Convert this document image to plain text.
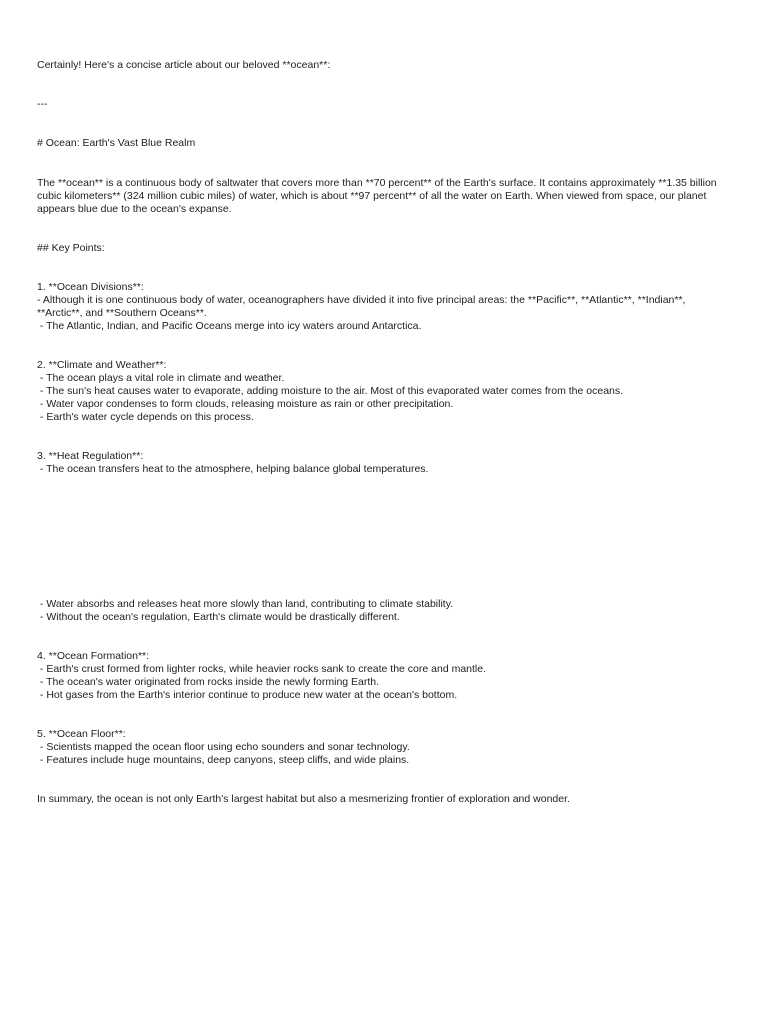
Certainly! Here's a concise article about our beloved **ocean**:
---
# Ocean: Earth's Vast Blue Realm
The **ocean** is a continuous body of saltwater that covers more than **70 percent** of the Earth's surface. It contains approximately **1.35 billion cubic kilometers** (324 million cubic miles) of water, which is about **97 percent** of all the water on Earth. When viewed from space, our planet appears blue due to the ocean's expanse.
## Key Points:
1. **Ocean Divisions**:
- Although it is one continuous body of water, oceanographers have divided it into five principal areas: the **Pacific**, **Atlantic**, **Indian**, **Arctic**, and **Southern Oceans**.
- The Atlantic, Indian, and Pacific Oceans merge into icy waters around Antarctica.
2. **Climate and Weather**:
- The ocean plays a vital role in climate and weather.
- The sun's heat causes water to evaporate, adding moisture to the air. Most of this evaporated water comes from the oceans.
- Water vapor condenses to form clouds, releasing moisture as rain or other precipitation.
- Earth's water cycle depends on this process.
3. **Heat Regulation**:
- The ocean transfers heat to the atmosphere, helping balance global temperatures.
- Water absorbs and releases heat more slowly than land, contributing to climate stability.
- Without the ocean's regulation, Earth's climate would be drastically different.
4. **Ocean Formation**:
- Earth's crust formed from lighter rocks, while heavier rocks sank to create the core and mantle.
- The ocean's water originated from rocks inside the newly forming Earth.
- Hot gases from the Earth's interior continue to produce new water at the ocean's bottom.
5. **Ocean Floor**:
- Scientists mapped the ocean floor using echo sounders and sonar technology.
- Features include huge mountains, deep canyons, steep cliffs, and wide plains.
In summary, the ocean is not only Earth's largest habitat but also a mesmerizing frontier of exploration and wonder.
